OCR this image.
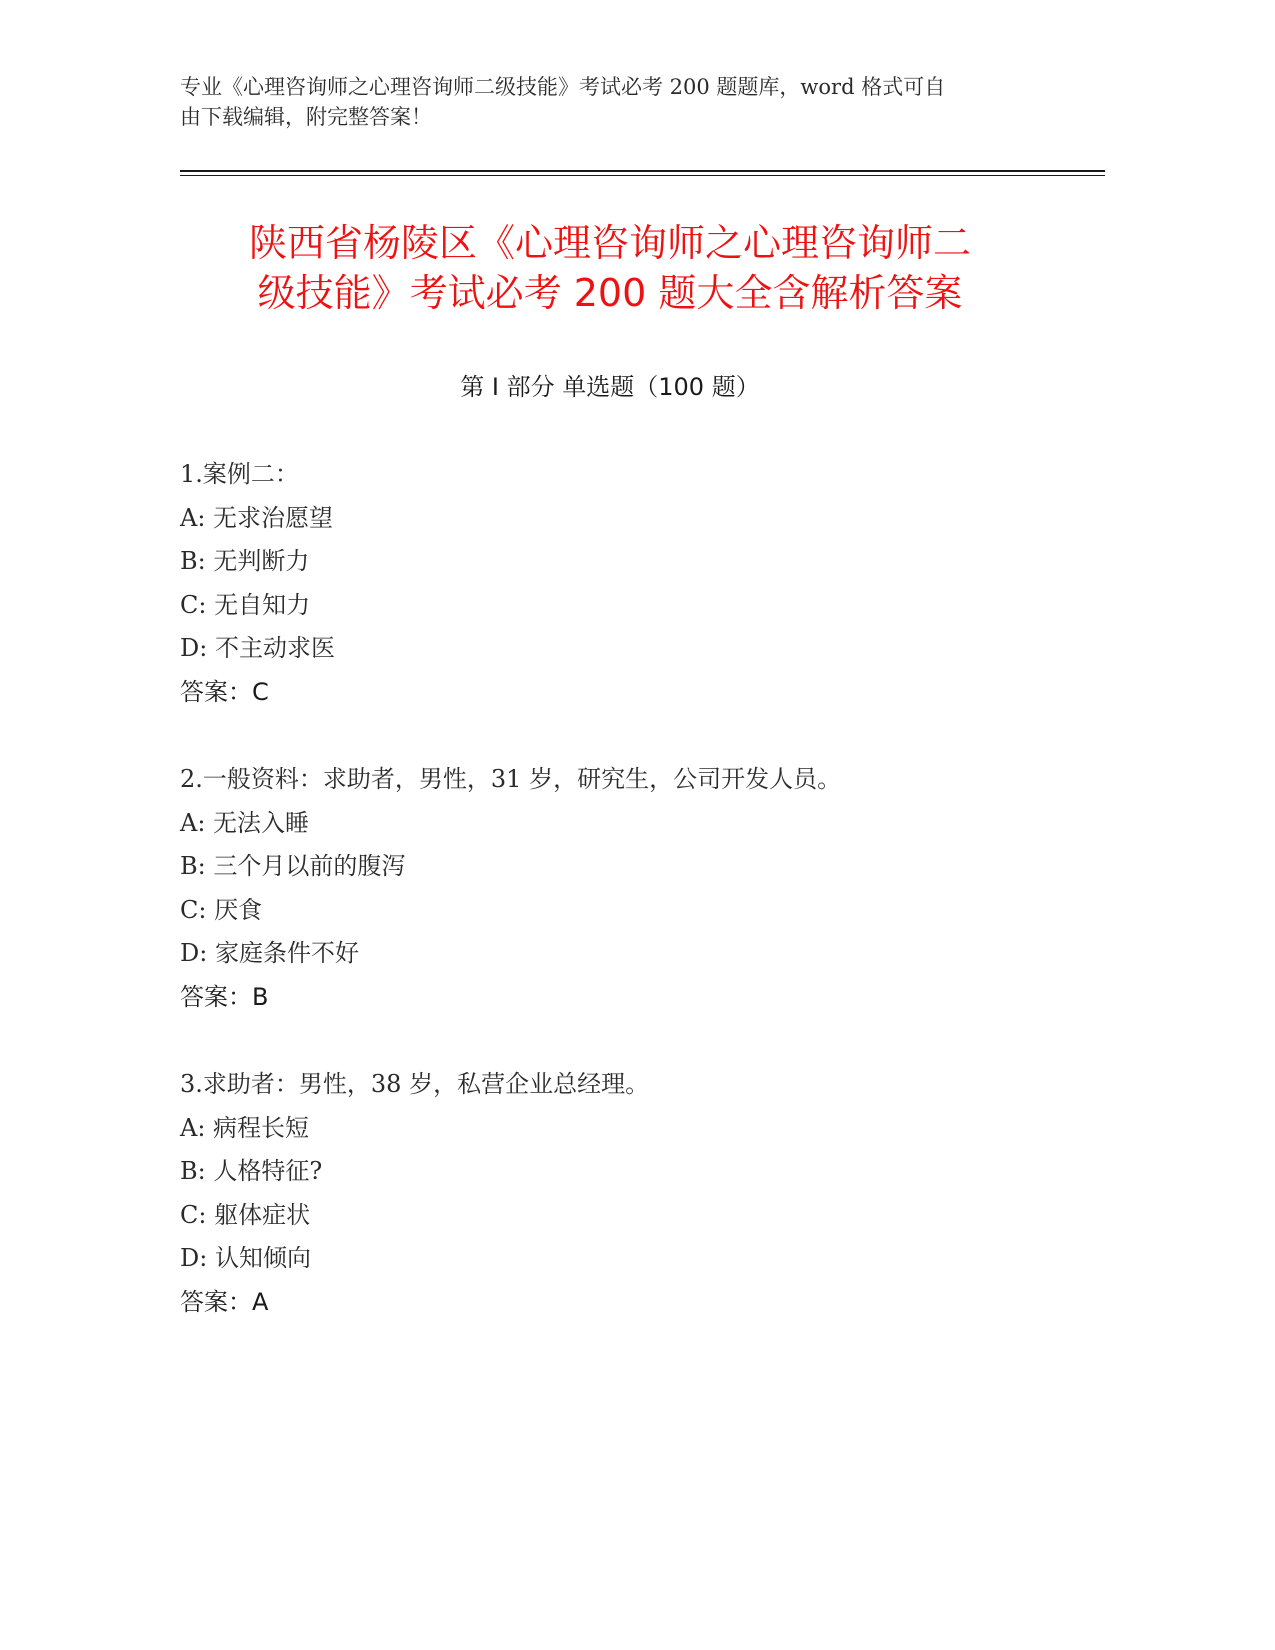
专业《心理咨询师之心理咨询师二级技能》考试必考 200 题题库，word 格式可自
由下载编辑，附完整答案！
陕西省杨陵区《心理咨询师之心理咨询师二
级技能》考试必考 200 题大全含解析答案
第 I 部分 单选题（100 题）
1.案例二：
A: 无求治愿望
B: 无判断力
C: 无自知力
D: 不主动求医
答案：C
2.一般资料：求助者，男性，31 岁，研究生，公司开发人员。
A: 无法入睡
B: 三个月以前的腹泻
C: 厌食
D: 家庭条件不好
答案：B
3.求助者：男性，38 岁，私营企业总经理。
A: 病程长短
B: 人格特征?
C: 躯体症状
D: 认知倾向
答案：A
